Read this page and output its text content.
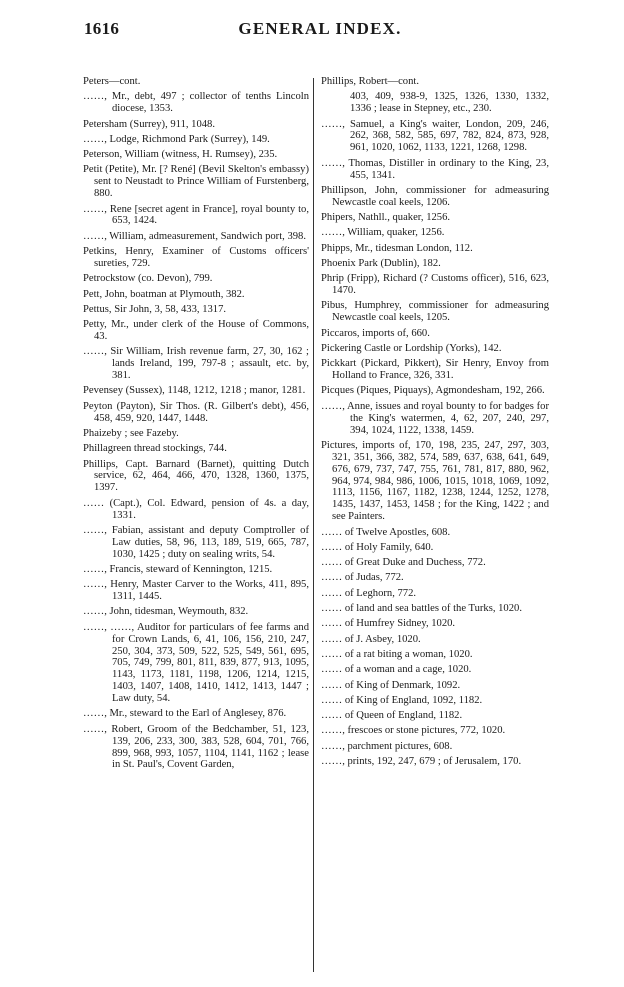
GENERAL INDEX.
1616

Peters—cont.

……, Mr., debt, 497 ; collector of tenths Lincoln diocese, 1353.

Petersham (Surrey), 911, 1048.

……, Lodge, Richmond Park (Surrey), 149.

Peterson, William (witness, H. Rumsey), 235.

Petit (Petite), Mr. [? René] (Bevil Skelton's embassy) sent to Neustadt to Prince William of Furstenberg, 880.

……, Rene [secret agent in France], royal bounty to, 653, 1424.

……, William, admeasurement, Sandwich port, 398.

Petkins, Henry, Examiner of Customs officers' sureties, 729.

Petrockstow (co. Devon), 799.

Pett, John, boatman at Plymouth, 382.

Pettus, Sir John, 3, 58, 433, 1317.

Petty, Mr., under clerk of the House of Commons, 43.

……, Sir William, Irish revenue farm, 27, 30, 162 ; lands Ireland, 199, 797-8 ; assault, etc. by, 381.

Pevensey (Sussex), 1148, 1212, 1218 ; manor, 1281.

Peyton (Payton), Sir Thos. (R. Gilbert's debt), 456, 458, 459, 920, 1447, 1448.

Phaizeby ; see Fazeby.

Phillagreen thread stockings, 744.

Phillips, Capt. Barnard (Barnet), quitting Dutch service, 62, 464, 466, 470, 1328, 1360, 1375, 1397.

…… (Capt.), Col. Edward, pension of 4s. a day, 1331.

……, Fabian, assistant and deputy Comptroller of Law duties, 58, 96, 113, 189, 519, 665, 787, 1030, 1425 ; duty on sealing writs, 54.

……, Francis, steward of Kennington, 1215.

……, Henry, Master Carver to the Works, 411, 895, 1311, 1445.

……, John, tidesman, Weymouth, 832.

……, ……, Auditor for particulars of fee farms and for Crown Lands, 6, 41, 106, 156, 210, 247, 250, 304, 373, 509, 522, 525, 549, 561, 695, 705, 749, 799, 801, 811, 839, 877, 913, 1095, 1143, 1173, 1181, 1198, 1206, 1214, 1215, 1403, 1407, 1408, 1410, 1412, 1413, 1447 ; Law duty, 54.

……, Mr., steward to the Earl of Anglesey, 876.

……, Robert, Groom of the Bedchamber, 51, 123, 139, 206, 233, 300, 383, 528, 604, 701, 766, 899, 968, 993, 1057, 1104, 1141, 1162 ; lease in St. Paul's, Covent Garden,

Phillips, Robert—cont.

403, 409, 938-9, 1325, 1326, 1330, 1332, 1336 ; lease in Stepney, etc., 230.

……, Samuel, a King's waiter, London, 209, 246, 262, 368, 582, 585, 697, 782, 824, 873, 928, 961, 1020, 1062, 1133, 1221, 1268, 1298.

……, Thomas, Distiller in ordinary to the King, 23, 455, 1341.

Phillipson, John, commissioner for admeasuring Newcastle coal keels, 1206.

Phipers, Nathll., quaker, 1256.

……, William, quaker, 1256.

Phipps, Mr., tidesman London, 112.

Phoenix Park (Dublin), 182.

Phrip (Fripp), Richard (? Customs officer), 516, 623, 1470.

Pibus, Humphrey, commissioner for admeasuring Newcastle coal keels, 1205.

Piccaros, imports of, 660.

Pickering Castle or Lordship (Yorks), 142.

Pickkart (Pickard, Pikkert), Sir Henry, Envoy from Holland to France, 326, 331.

Picques (Piques, Piquays), Agmondesham, 192, 266.

……, Anne, issues and royal bounty to for badges for the King's watermen, 4, 62, 207, 240, 297, 394, 1024, 1122, 1338, 1459.

Pictures, imports of, 170, 198, 235, 247, 297, 303, 321, 351, 366, 382, 574, 589, 637, 638, 641, 649, 676, 679, 737, 747, 755, 761, 781, 817, 880, 962, 964, 974, 984, 986, 1006, 1015, 1018, 1069, 1092, 1113, 1156, 1167, 1182, 1238, 1244, 1252, 1278, 1435, 1437, 1453, 1458 ; for the King, 1422 ; and see Painters.

…… of Twelve Apostles, 608.

…… of Holy Family, 640.

…… of Great Duke and Duchess, 772.

…… of Judas, 772.

…… of Leghorn, 772.

…… of land and sea battles of the Turks, 1020.

…… of Humfrey Sidney, 1020.

…… of J. Asbey, 1020.

…… of a rat biting a woman, 1020.

…… of a woman and a cage, 1020.

…… of King of Denmark, 1092.

…… of King of England, 1092, 1182.

…… of Queen of England, 1182.

……, frescoes or stone pictures, 772, 1020.

……, parchment pictures, 608.

……, prints, 192, 247, 679 ; of Jerusalem, 170.
